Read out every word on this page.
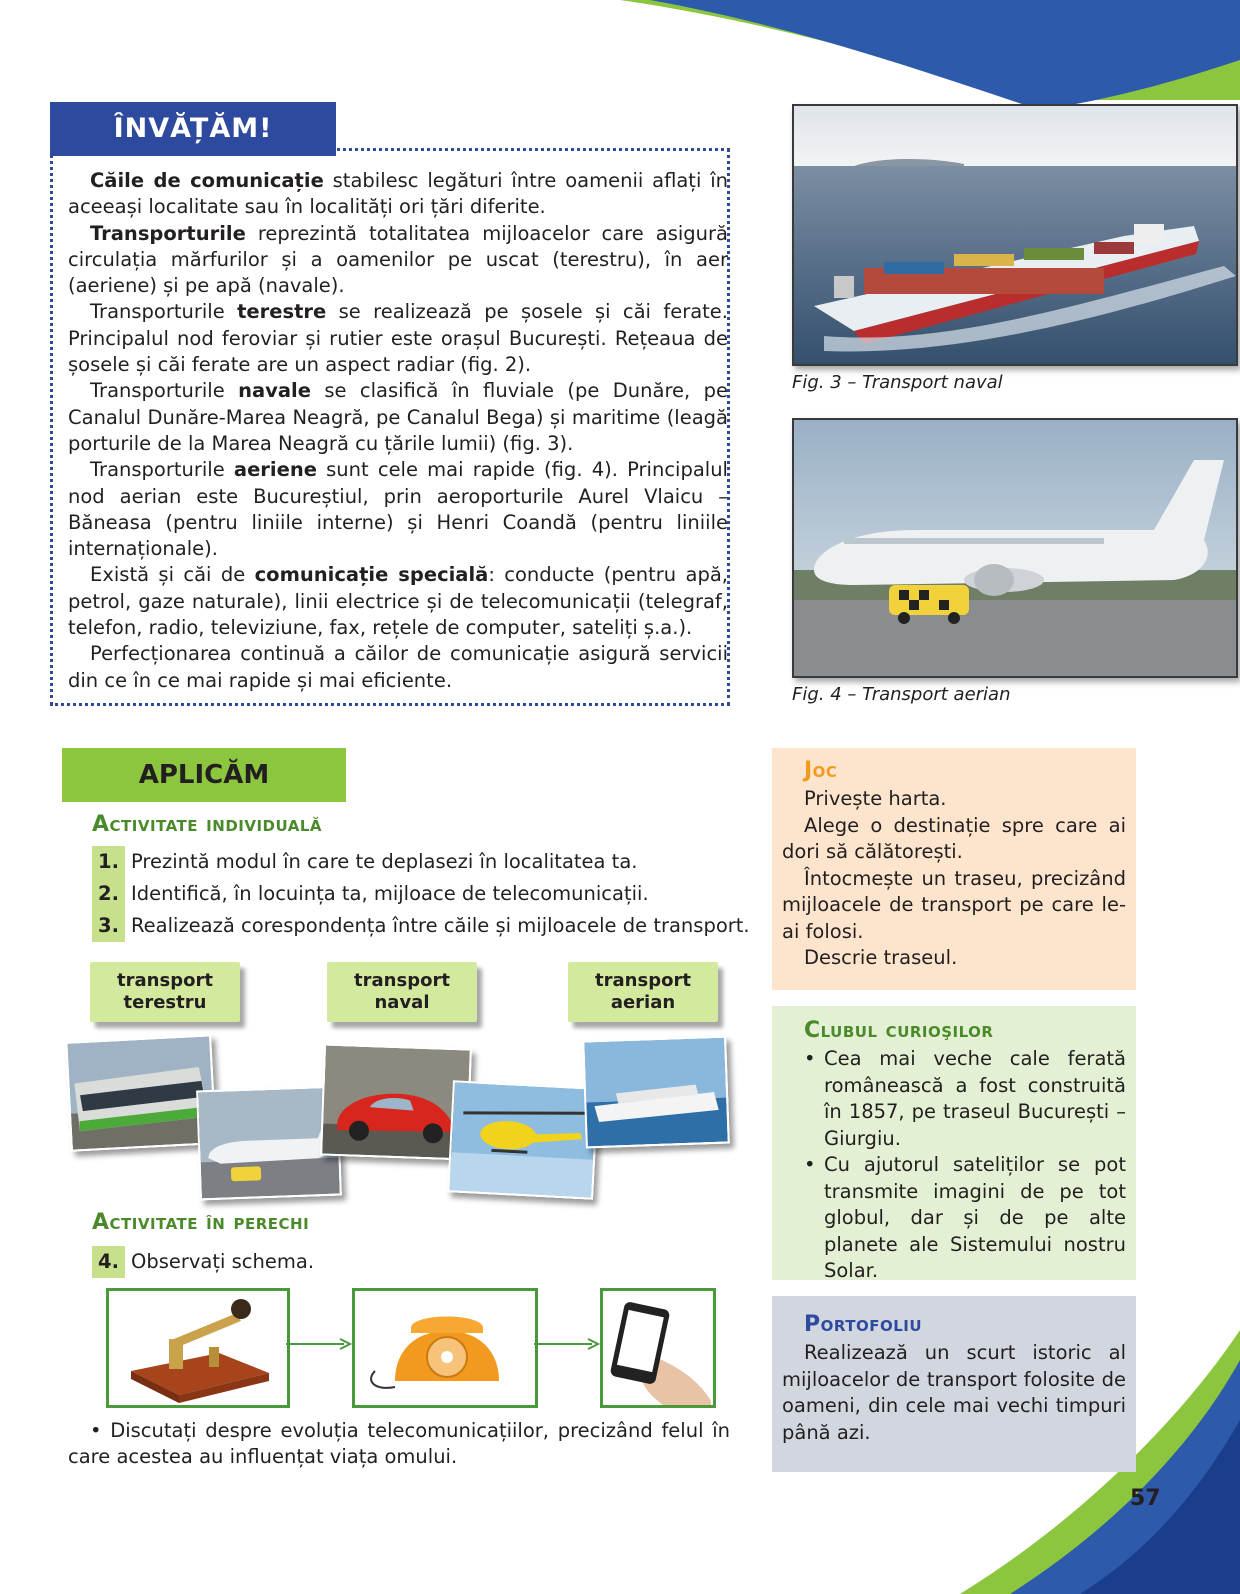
ÎNVĂȚĂM!

Căile de comunicație stabilesc legături între oamenii aflați în aceeași localitate sau în localități ori țări diferite.

Transporturile reprezintă totalitatea mijloacelor care asigură circulația mărfurilor și a oamenilor pe uscat (terestru), în aer (aeriene) și pe apă (navale).

Transporturile terestre se realizează pe șosele și căi ferate. Principalul nod feroviar și rutier este orașul București. Rețeaua de șosele și căi ferate are un aspect radiar (fig. 2).

Transporturile navale se clasifică în fluviale (pe Dunăre, pe Canalul Dunăre-Marea Neagră, pe Canalul Bega) și maritime (leagă porturile de la Marea Neagră cu țările lumii) (fig. 3).

Transporturile aeriene sunt cele mai rapide (fig. 4). Principalul nod aerian este Bucureștiul, prin aeroporturile Aurel Vlaicu – Băneasa (pentru liniile interne) și Henri Coandă (pentru liniile internaționale).

Există și căi de comunicație specială: conducte (pentru apă, petrol, gaze naturale), linii electrice și de telecomunicații (telegraf, telefon, radio, televiziune, fax, rețele de computer, sateliți ș.a.).

Perfecționarea continuă a căilor de comunicație asigură servicii din ce în ce mai rapide și mai eficiente.

Fig. 3 – Transport naval
Fig. 4 – Transport aerian
APLICĂM
Activitate individuală
1. Prezintă modul în care te deplasezi în localitatea ta.
2. Identifică, în locuința ta, mijloace de telecomunicații.
3. Realizează corespondența între căile și mijloacele de transport.
transport
terestru
transport
naval
transport
aerian
Activitate în perechi
4. Observați schema.
• Discutați despre evoluția telecomunicațiilor, precizând felul în care acestea au influențat viața omului.
Joc

Privește harta.

Alege o destinație spre care ai dori să călătorești.

Întocmește un traseu, precizând mijloacele de transport pe care le-ai folosi.

Descrie traseul.

Clubul curioşilor
• Cea mai veche cale ferată românească a fost construită în 1857, pe traseul București – Giurgiu.
• Cu ajutorul sateliților se pot transmite imagini de pe tot globul, dar și de pe alte planete ale Sistemului nostru Solar.
Portofoliu

Realizează un scurt istoric al mijloacelor de transport folosite de oameni, din cele mai vechi timpuri până azi.

57
